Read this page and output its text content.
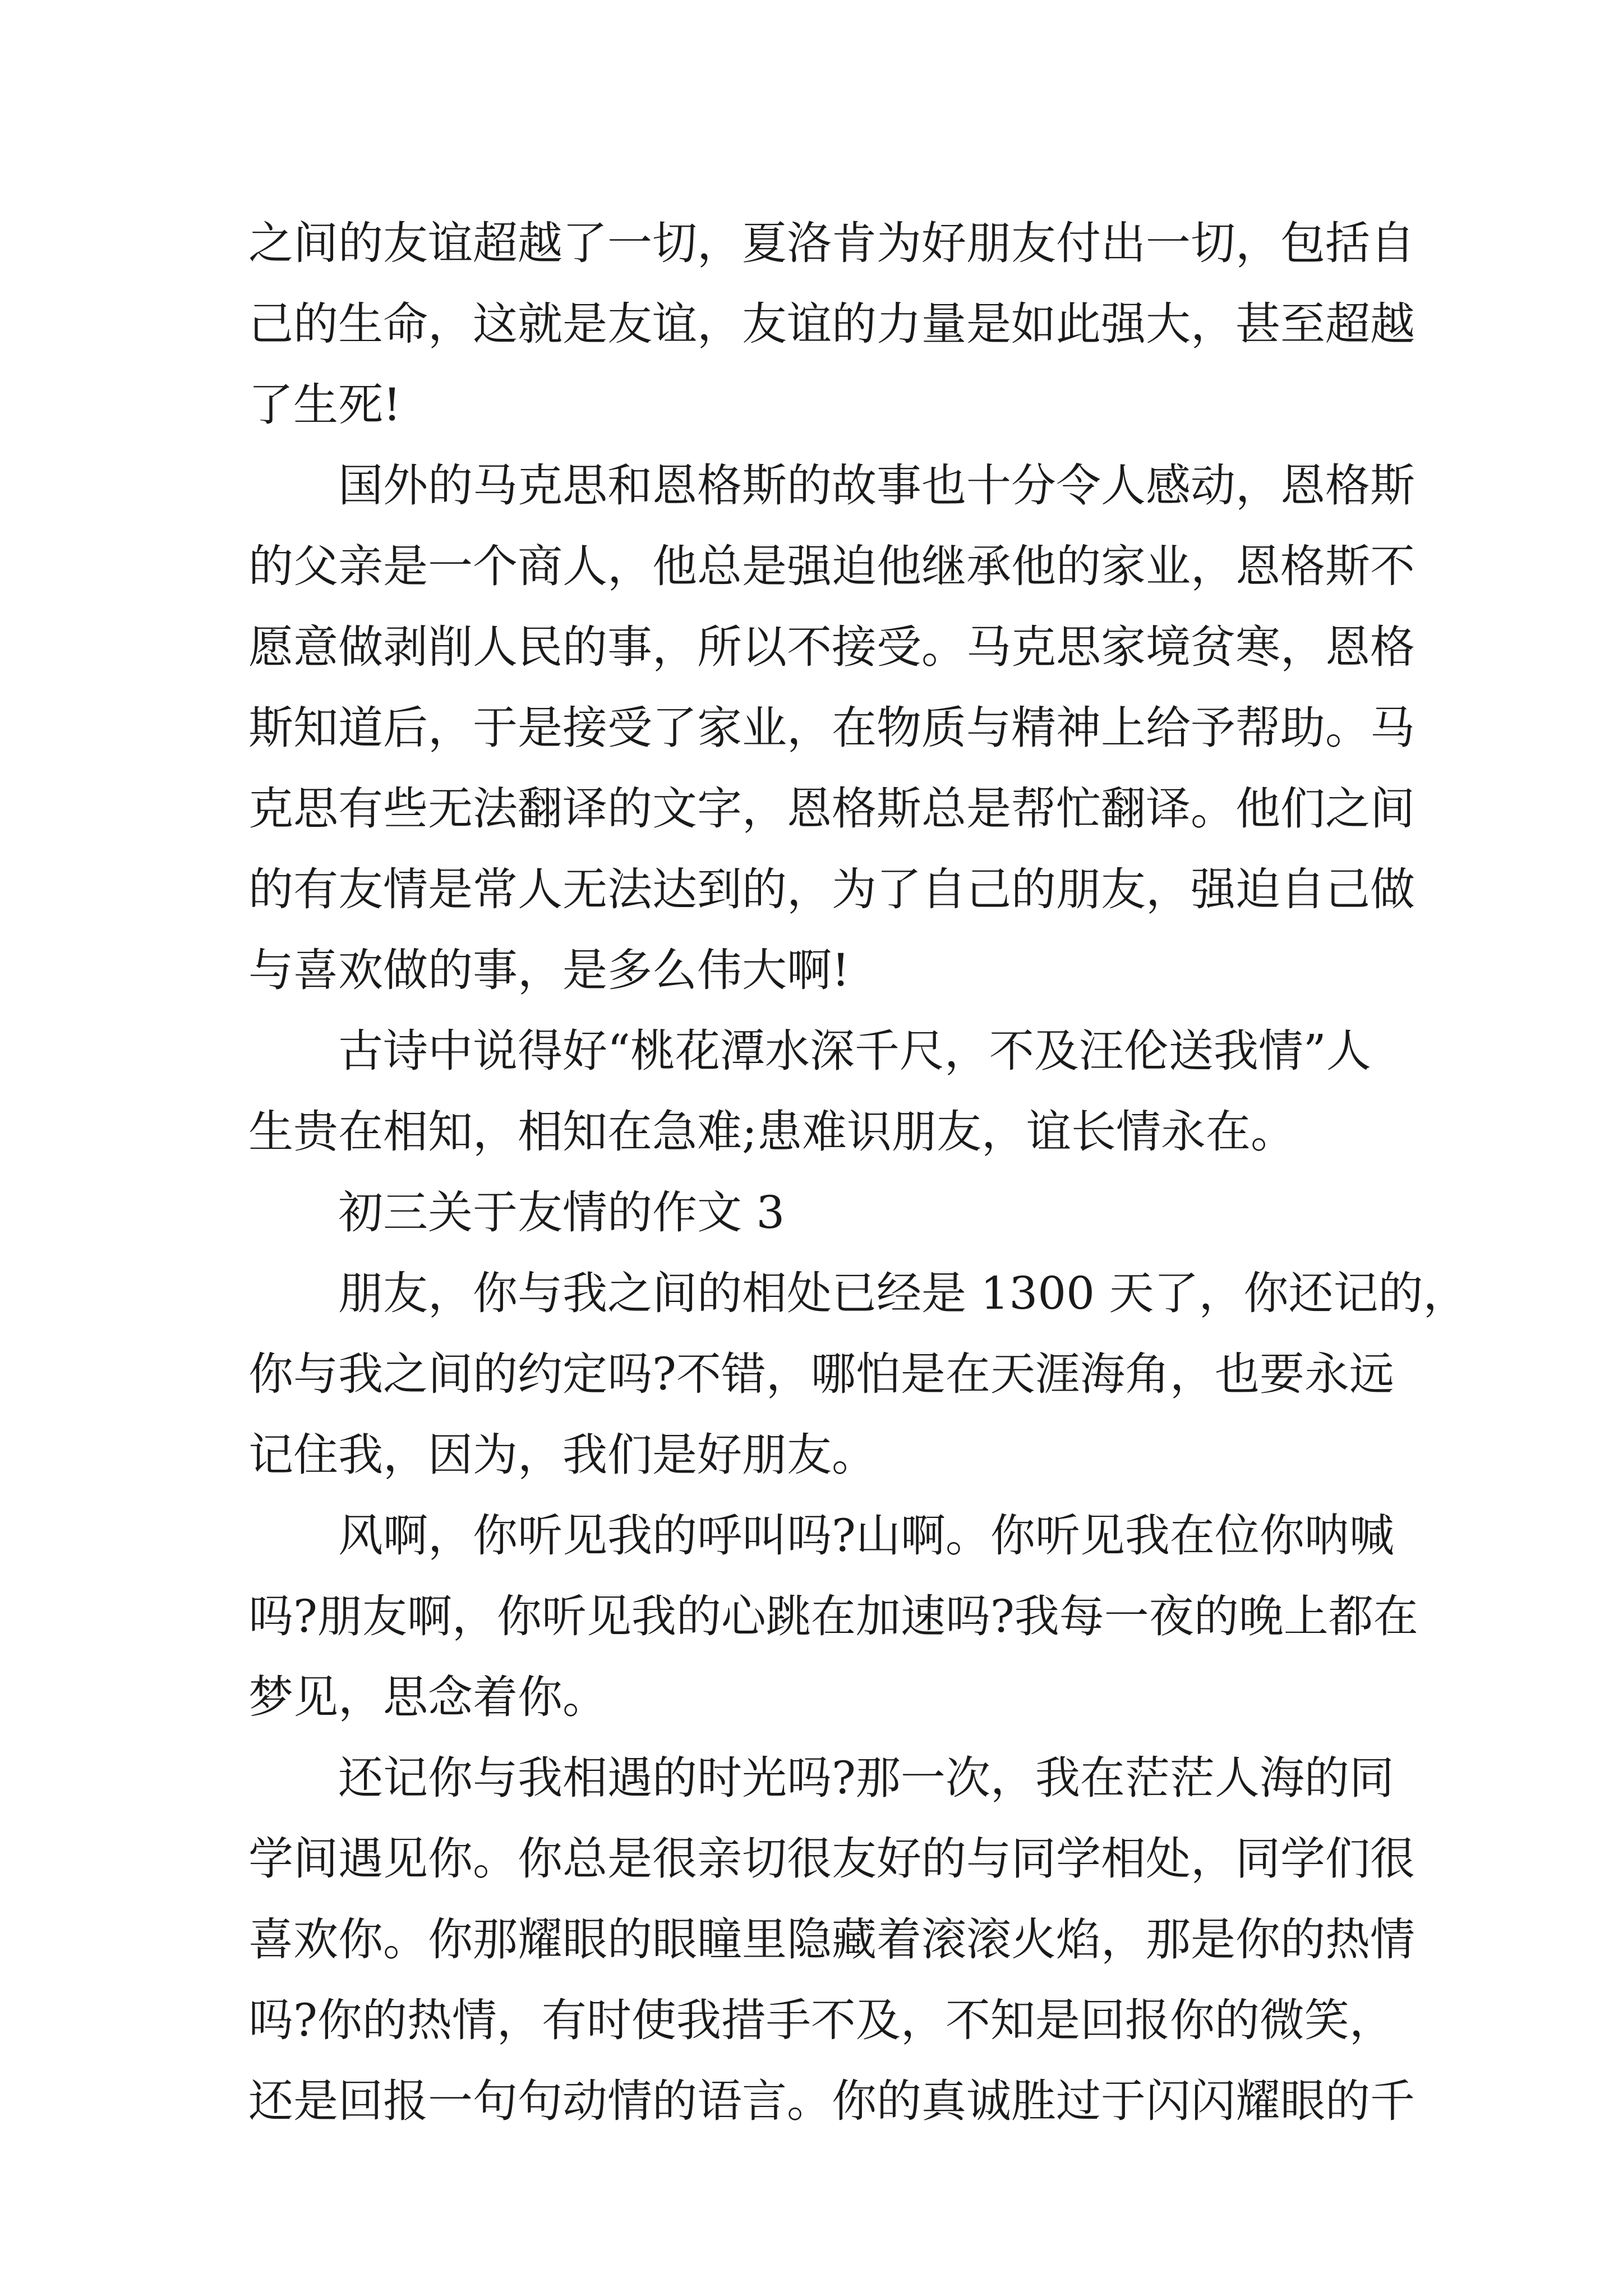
之间的友谊超越了一切，夏洛肯为好朋友付出一切，包括自
己的生命，这就是友谊，友谊的力量是如此强大，甚至超越
了生死!
国外的马克思和恩格斯的故事也十分令人感动，恩格斯
的父亲是一个商人，他总是强迫他继承他的家业，恩格斯不
愿意做剥削人民的事，所以不接受。马克思家境贫寒，恩格
斯知道后，于是接受了家业，在物质与精神上给予帮助。马
克思有些无法翻译的文字，恩格斯总是帮忙翻译。他们之间
的有友情是常人无法达到的，为了自己的朋友，强迫自己做
与喜欢做的事，是多么伟大啊!
古诗中说得好“桃花潭水深千尺，不及汪伦送我情”人
生贵在相知，相知在急难;患难识朋友，谊长情永在。
初三关于友情的作文 3
朋友，你与我之间的相处已经是 1300 天了，你还记的，
你与我之间的约定吗?不错，哪怕是在天涯海角，也要永远
记住我，因为，我们是好朋友。
风啊，你听见我的呼叫吗?山啊。你听见我在位你呐喊
吗?朋友啊，你听见我的心跳在加速吗?我每一夜的晚上都在
梦见，思念着你。
还记你与我相遇的时光吗?那一次，我在茫茫人海的同
学间遇见你。你总是很亲切很友好的与同学相处，同学们很
喜欢你。你那耀眼的眼瞳里隐藏着滚滚火焰，那是你的热情
吗?你的热情，有时使我措手不及，不知是回报你的微笑，
还是回报一句句动情的语言。你的真诚胜过于闪闪耀眼的千
